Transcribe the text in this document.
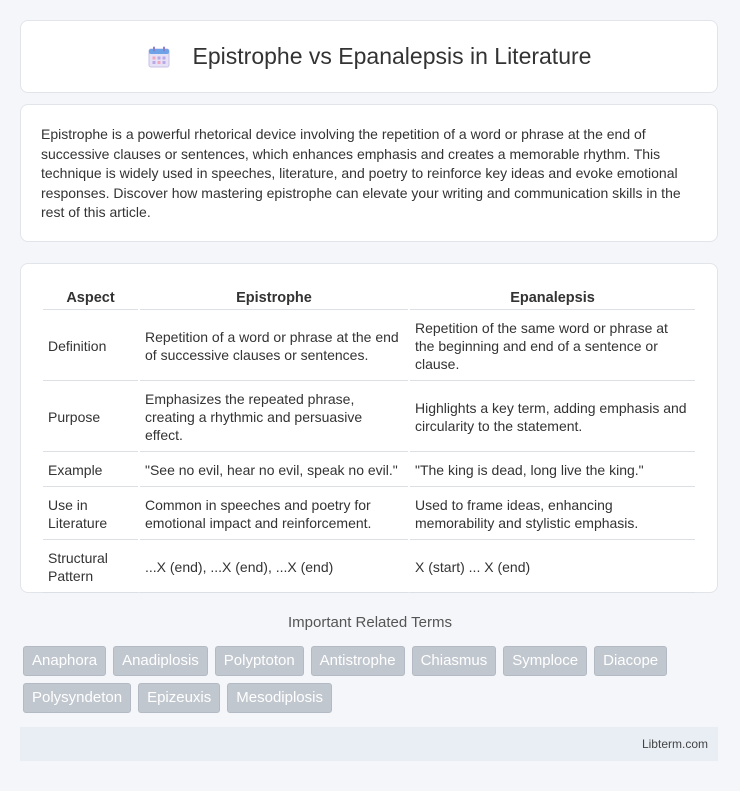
Epistrophe vs Epanalepsis in Literature

Epistrophe is a powerful rhetorical device involving the repetition of a word or phrase at the end of successive clauses or sentences, which enhances emphasis and creates a memorable rhythm. This technique is widely used in speeches, literature, and poetry to reinforce key ideas and evoke emotional responses. Discover how mastering epistrophe can elevate your writing and communication skills in the rest of this article.

Aspect	Epistrophe	Epanalepsis
Definition	Repetition of a word or phrase at the end of successive clauses or sentences.	Repetition of the same word or phrase at the beginning and end of a sentence or clause.
Purpose	Emphasizes the repeated phrase, creating a rhythmic and persuasive effect.	Highlights a key term, adding emphasis and circularity to the statement.
Example	"See no evil, hear no evil, speak no evil."	"The king is dead, long live the king."
Use in Literature	Common in speeches and poetry for emotional impact and reinforcement.	Used to frame ideas, enhancing memorability and stylistic emphasis.
Structural Pattern	...X (end), ...X (end), ...X (end)	X (start) ... X (end)
Important Related Terms
Anaphora	Anadiplosis	Polyptoton	Antistrophe	Chiasmus	Symploce	Diacope
Polysyndeton	Epizeuxis	Mesodiplosis
Libterm.com
